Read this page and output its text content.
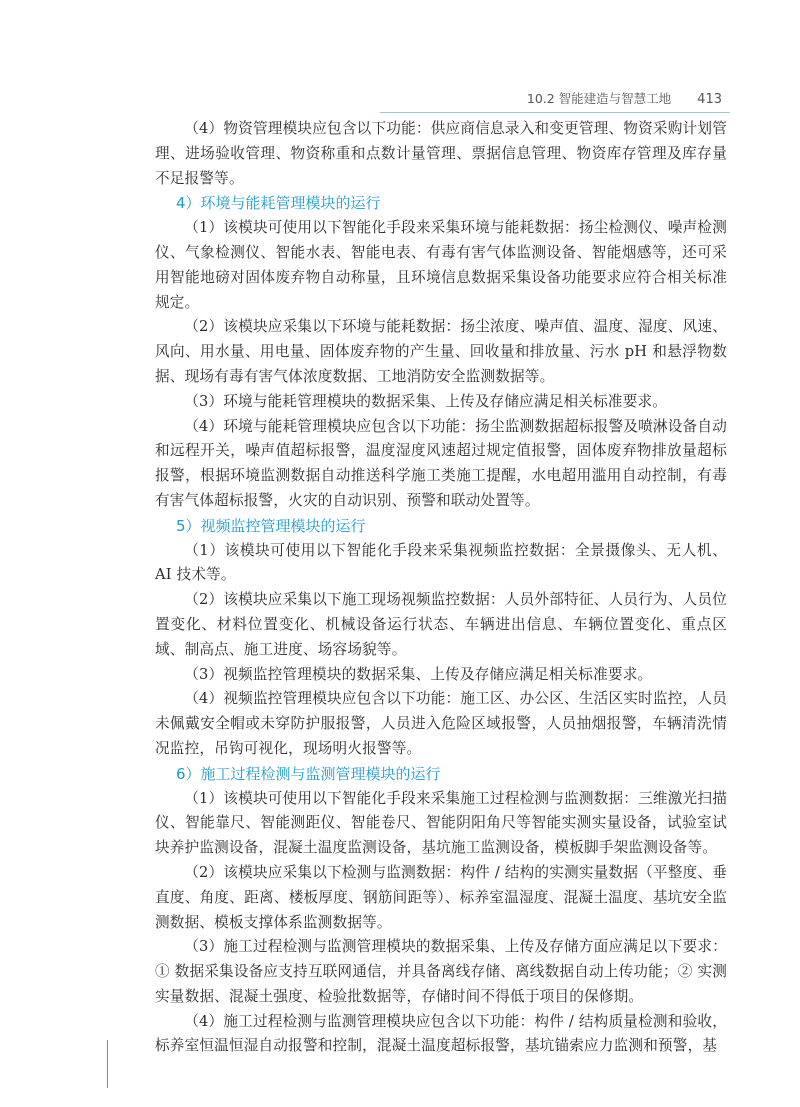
10.2 智能建造与智慧工地 413

（4）物资管理模块应包含以下功能：供应商信息录入和变更管理、物资采购计划管理、进场验收管理、物资称重和点数计量管理、票据信息管理、物资库存管理及库存量不足报警等。

4）环境与能耗管理模块的运行

（1）该模块可使用以下智能化手段来采集环境与能耗数据：扬尘检测仪、噪声检测仪、气象检测仪、智能水表、智能电表、有毒有害气体监测设备、智能烟感等，还可采用智能地磅对固体废弃物自动称量，且环境信息数据采集设备功能要求应符合相关标准规定。

（2）该模块应采集以下环境与能耗数据：扬尘浓度、噪声值、温度、湿度、风速、风向、用水量、用电量、固体废弃物的产生量、回收量和排放量、污水 pH 和悬浮物数据、现场有毒有害气体浓度数据、工地消防安全监测数据等。

（3）环境与能耗管理模块的数据采集、上传及存储应满足相关标准要求。

（4）环境与能耗管理模块应包含以下功能：扬尘监测数据超标报警及喷淋设备自动和远程开关，噪声值超标报警，温度湿度风速超过规定值报警，固体废弃物排放量超标报警，根据环境监测数据自动推送科学施工类施工提醒，水电超用滥用自动控制，有毒有害气体超标报警，火灾的自动识别、预警和联动处置等。

5）视频监控管理模块的运行

（1）该模块可使用以下智能化手段来采集视频监控数据：全景摄像头、无人机、AI 技术等。

（2）该模块应采集以下施工现场视频监控数据：人员外部特征、人员行为、人员位置变化、材料位置变化、机械设备运行状态、车辆进出信息、车辆位置变化、重点区域、制高点、施工进度、场容场貌等。

（3）视频监控管理模块的数据采集、上传及存储应满足相关标准要求。

（4）视频监控管理模块应包含以下功能：施工区、办公区、生活区实时监控，人员未佩戴安全帽或未穿防护服报警，人员进入危险区域报警，人员抽烟报警，车辆清洗情况监控，吊钩可视化，现场明火报警等。

6）施工过程检测与监测管理模块的运行

（1）该模块可使用以下智能化手段来采集施工过程检测与监测数据：三维激光扫描仪、智能靠尺、智能测距仪、智能卷尺、智能阴阳角尺等智能实测实量设备，试验室试块养护监测设备，混凝土温度监测设备，基坑施工监测设备，模板脚手架监测设备等。

（2）该模块应采集以下检测与监测数据：构件 / 结构的实测实量数据（平整度、垂直度、角度、距离、楼板厚度、钢筋间距等）、标养室温湿度、混凝土温度、基坑安全监测数据、模板支撑体系监测数据等。

（3）施工过程检测与监测管理模块的数据采集、上传及存储方面应满足以下要求：① 数据采集设备应支持互联网通信，并具备离线存储、离线数据自动上传功能；② 实测实量数据、混凝土强度、检验批数据等，存储时间不得低于项目的保修期。

（4）施工过程检测与监测管理模块应包含以下功能：构件 / 结构质量检测和验收，标养室恒温恒湿自动报警和控制，混凝土温度超标报警，基坑锚索应力监测和预警，基
